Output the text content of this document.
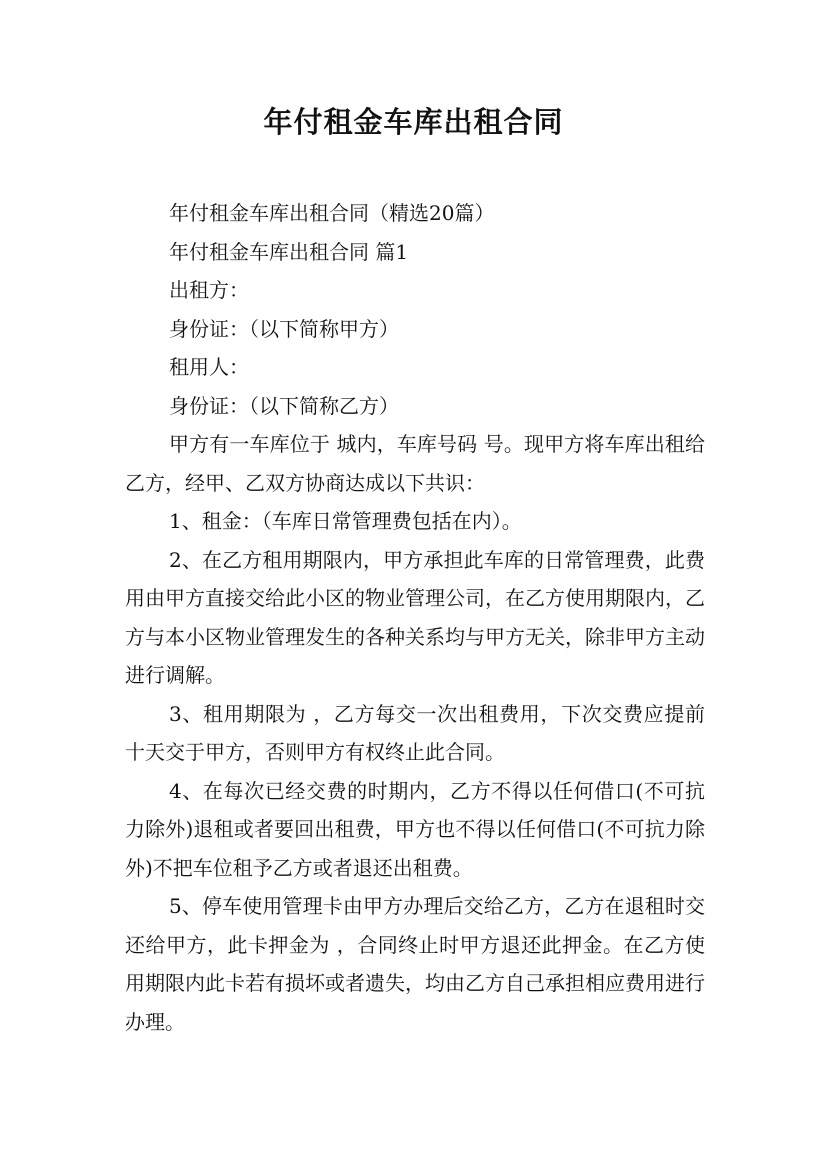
年付租金车库出租合同

年付租金车库出租合同（精选20篇）

年付租金车库出租合同 篇1

出租方：

身份证：（以下简称甲方）

租用人：

身份证：（以下简称乙方）

甲方有一车库位于 城内，车库号码 号。现甲方将车库出租给乙方，经甲、乙双方协商达成以下共识：

1、租金：（车库日常管理费包括在内）。

2、在乙方租用期限内，甲方承担此车库的日常管理费，此费用由甲方直接交给此小区的物业管理公司，在乙方使用期限内，乙方与本小区物业管理发生的各种关系均与甲方无关，除非甲方主动进行调解。

3、租用期限为 ，乙方每交一次出租费用，下次交费应提前十天交于甲方，否则甲方有权终止此合同。

4、在每次已经交费的时期内，乙方不得以任何借口(不可抗力除外)退租或者要回出租费，甲方也不得以任何借口(不可抗力除外)不把车位租予乙方或者退还出租费。

5、停车使用管理卡由甲方办理后交给乙方，乙方在退租时交还给甲方，此卡押金为 ，合同终止时甲方退还此押金。在乙方使用期限内此卡若有损坏或者遗失，均由乙方自己承担相应费用进行办理。
